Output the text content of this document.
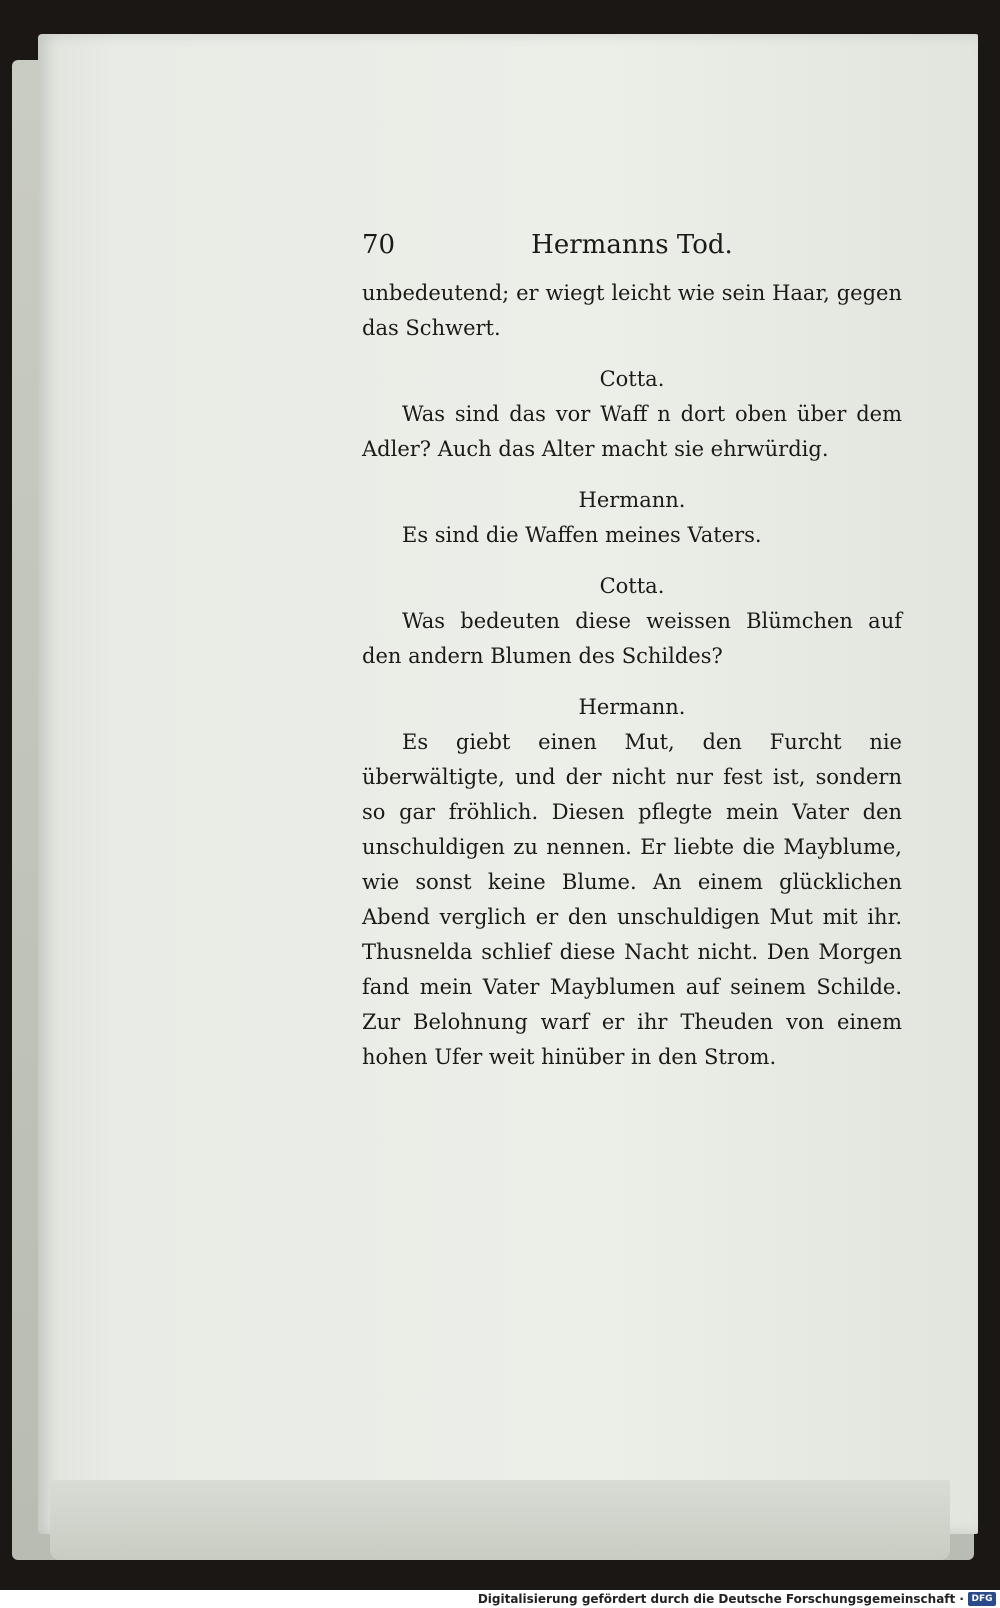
70	Hermanns Tod.

unbedeutend; er wiegt leicht wie sein Haar, gegen das Schwert.

Cotta.

Was sind das vor Waff n dort oben über dem Adler? Auch das Alter macht sie ehrwürdig.

Hermann.

Es sind die Waffen meines Vaters.

Cotta.

Was bedeuten diese weissen Blümchen auf den andern Blumen des Schildes?

Hermann.

Es giebt einen Mut, den Furcht nie überwältigte, und der nicht nur fest ist, sondern so gar fröhlich. Diesen pflegte mein Vater den unschuldigen zu nennen. Er liebte die Mayblume, wie sonst keine Blume. An einem glücklichen Abend verglich er den unschuldigen Mut mit ihr. Thusnelda schlief diese Nacht nicht. Den Morgen fand mein Vater Mayblumen auf seinem Schilde. Zur Belohnung warf er ihr Theuden von einem hohen Ufer weit hinüber in den Strom.

Digitalisierung gefördert durch die Deutsche Forschungsgemeinschaft · DFG
